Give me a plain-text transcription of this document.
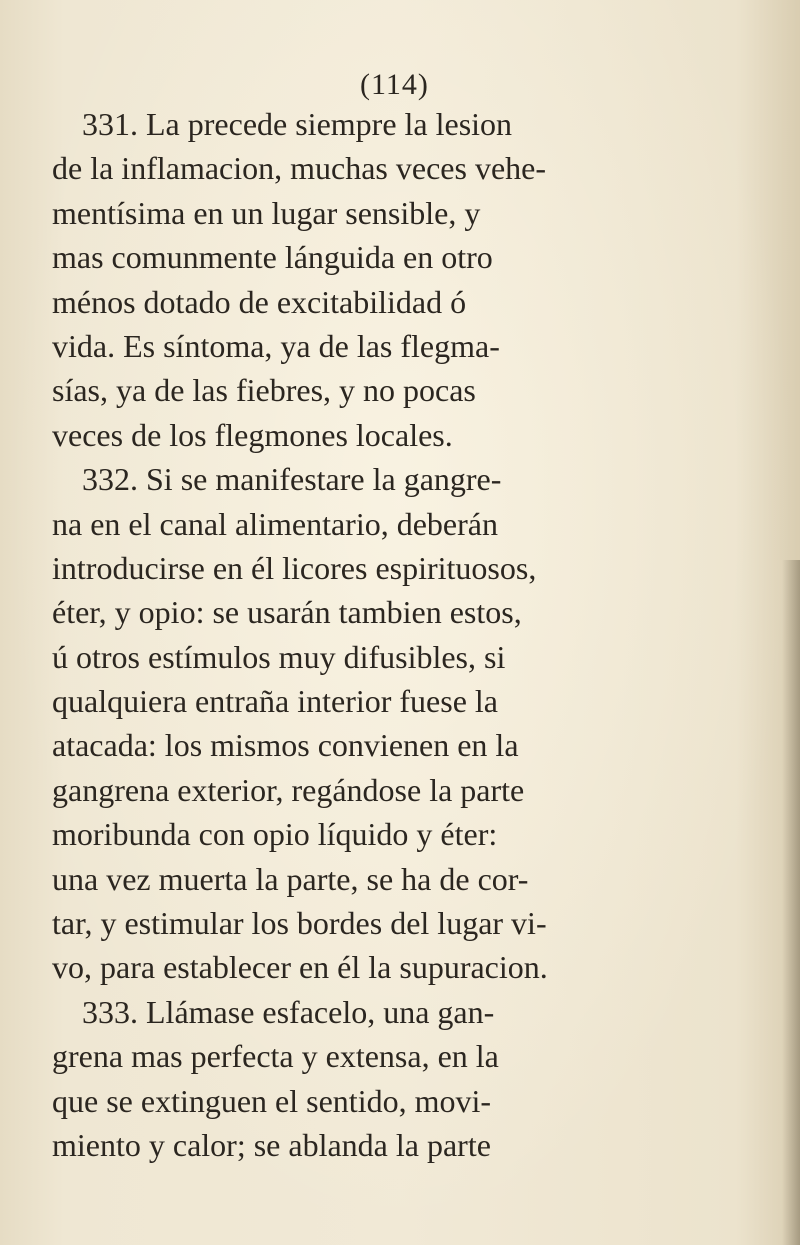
(114)
331. La precede siempre la lesion
de la inflamacion, muchas veces vehe-
mentísima en un lugar sensible, y
mas comunmente lánguida en otro
ménos dotado de excitabilidad ó
vida. Es síntoma, ya de las flegma-
sías, ya de las fiebres, y no pocas
veces de los flegmones locales.
332. Si se manifestare la gangre-
na en el canal alimentario, deberán
introducirse en él licores espirituosos,
éter, y opio: se usarán tambien estos,
ú otros estímulos muy difusibles, si
qualquiera entraña interior fuese la
atacada: los mismos convienen en la
gangrena exterior, regándose la parte
moribunda con opio líquido y éter:
una vez muerta la parte, se ha de cor-
tar, y estimular los bordes del lugar vi-
vo, para establecer en él la supuracion.
333. Llámase esfacelo, una gan-
grena mas perfecta y extensa, en la
que se extinguen el sentido, movi-
miento y calor; se ablanda la parte
